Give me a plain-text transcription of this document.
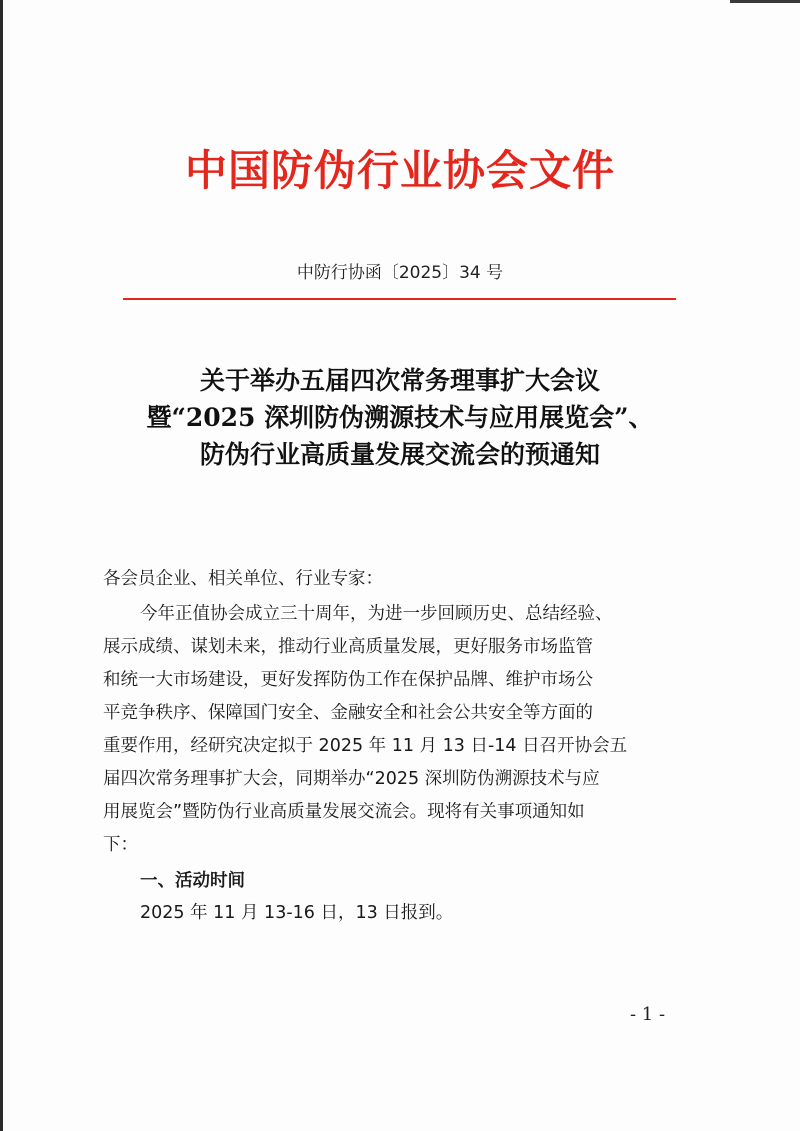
中国防伪行业协会文件
中防行协函〔2025〕34 号
关于举办五届四次常务理事扩大会议
暨“2025 深圳防伪溯源技术与应用展览会”、
防伪行业高质量发展交流会的预通知
各会员企业、相关单位、行业专家：
今年正值协会成立三十周年，为进一步回顾历史、总结经验、
展示成绩、谋划未来，推动行业高质量发展，更好服务市场监管
和统一大市场建设，更好发挥防伪工作在保护品牌、维护市场公
平竞争秩序、保障国门安全、金融安全和社会公共安全等方面的
重要作用，经研究决定拟于 2025 年 11 月 13 日-14 日召开协会五
届四次常务理事扩大会，同期举办“2025 深圳防伪溯源技术与应
用展览会”暨防伪行业高质量发展交流会。现将有关事项通知如
下：
一、活动时间
2025 年 11 月 13-16 日，13 日报到。
- 1 -
